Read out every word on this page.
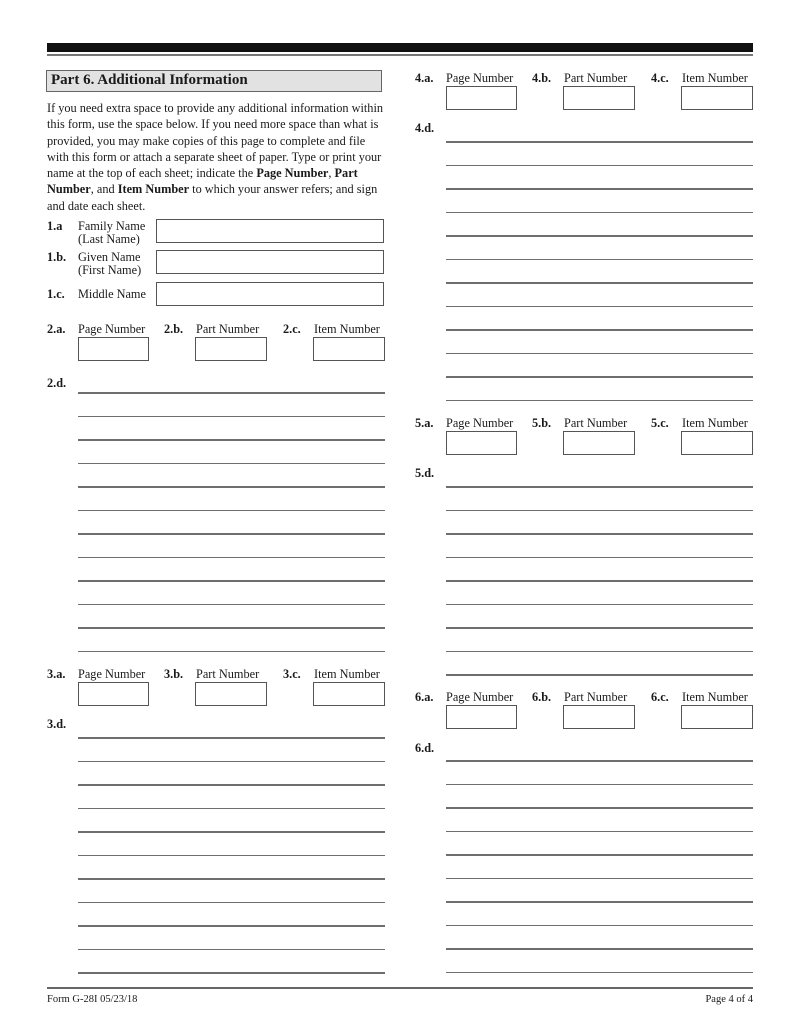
Part 6. Additional Information
If you need extra space to provide any additional information within this form, use the space below. If you need more space than what is provided, you may make copies of this page to complete and file with this form or attach a separate sheet of paper. Type or print your name at the top of each sheet; indicate the Page Number, Part Number, and Item Number to which your answer refers; and sign and date each sheet.
1.a Family Name
(Last Name)
1.b. Given Name
(First Name)
1.c. Middle Name
2.a. Page Number 2.b. Part Number 2.c. Item Number
2.d.
3.a. Page Number 3.b. Part Number 3.c. Item Number
3.d.
4.a. Page Number 4.b. Part Number 4.c. Item Number
4.d.
5.a. Page Number 5.b. Part Number 5.c. Item Number
5.d.
6.a. Page Number 6.b. Part Number 6.c. Item Number
6.d.
Form G-28I 05/23/18	Page 4 of 4
